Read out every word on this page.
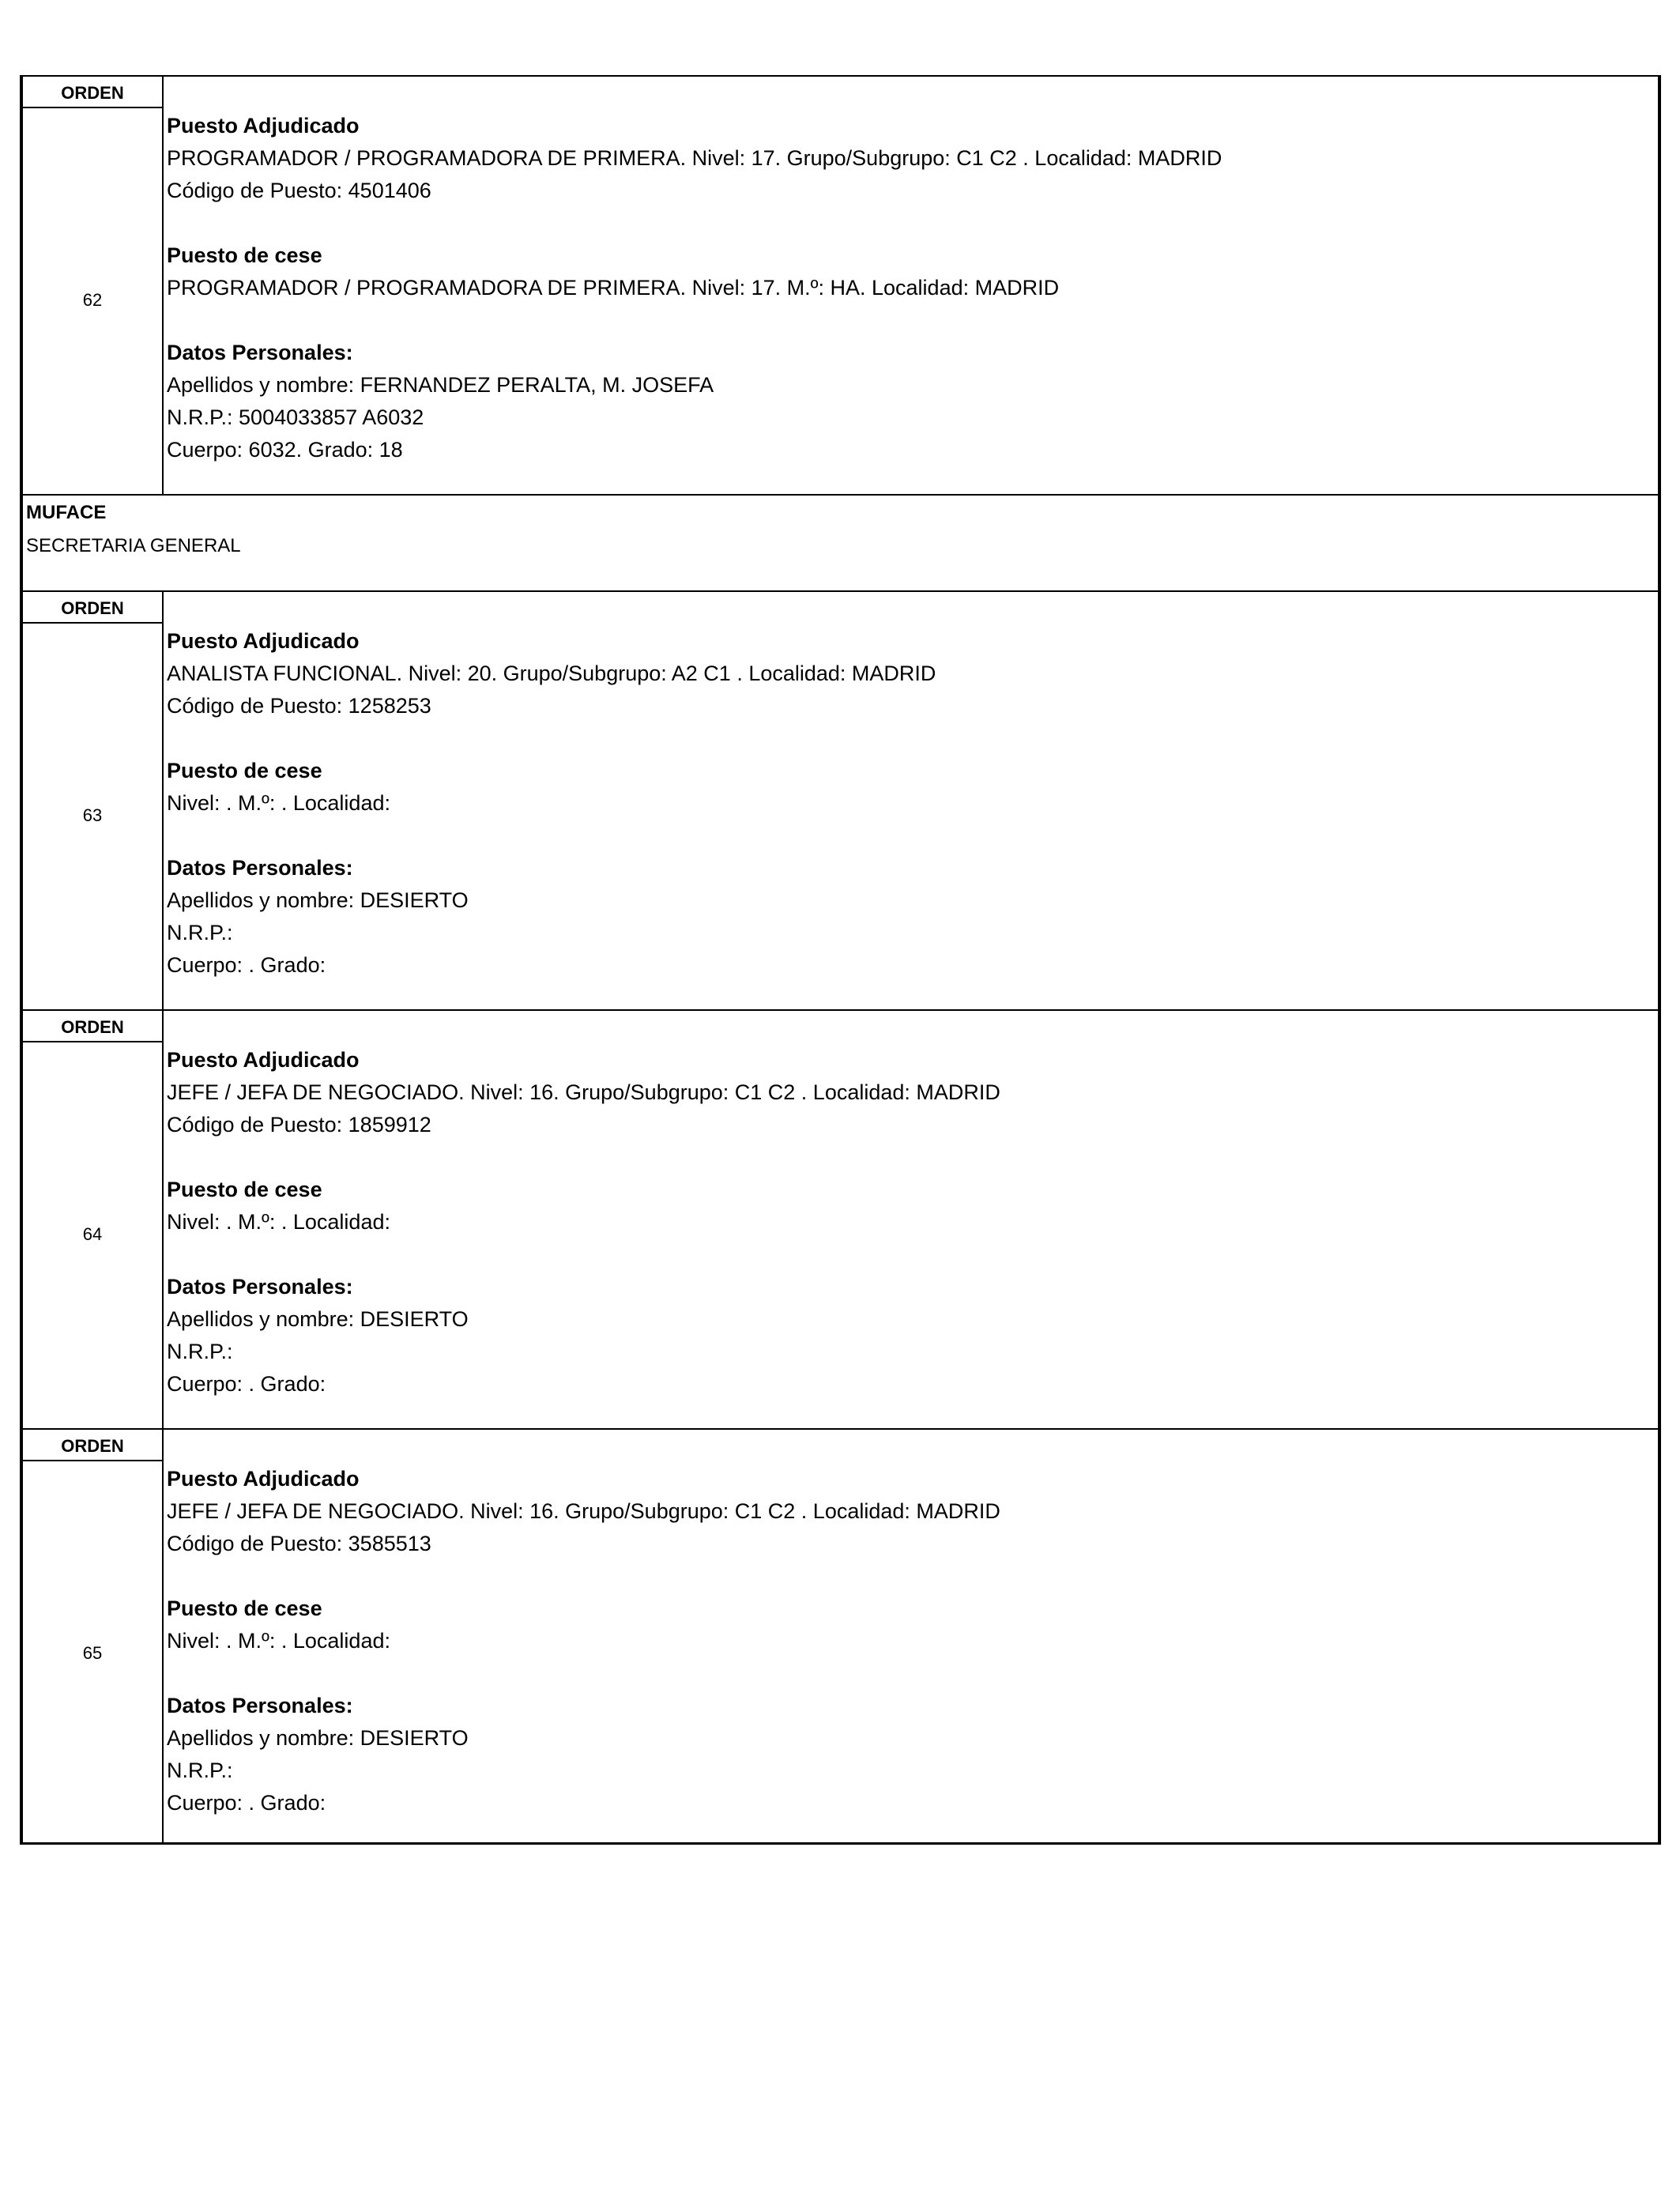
ORDEN
62
Puesto Adjudicado
PROGRAMADOR / PROGRAMADORA DE PRIMERA. Nivel: 17. Grupo/Subgrupo: C1 C2 . Localidad: MADRID
Código de Puesto: 4501406
Puesto de cese
PROGRAMADOR / PROGRAMADORA DE PRIMERA. Nivel: 17. M.º: HA. Localidad: MADRID
Datos Personales:
Apellidos y nombre: FERNANDEZ PERALTA, M. JOSEFA
N.R.P.: 5004033857 A6032
Cuerpo: 6032. Grado: 18
MUFACE
SECRETARIA GENERAL
ORDEN
63
Puesto Adjudicado
ANALISTA FUNCIONAL. Nivel: 20. Grupo/Subgrupo: A2 C1 . Localidad: MADRID
Código de Puesto: 1258253
Puesto de cese
Nivel: . M.º: . Localidad:
Datos Personales:
Apellidos y nombre: DESIERTO
N.R.P.:
Cuerpo: . Grado:
ORDEN
64
Puesto Adjudicado
JEFE / JEFA DE NEGOCIADO. Nivel: 16. Grupo/Subgrupo: C1 C2 . Localidad: MADRID
Código de Puesto: 1859912
Puesto de cese
Nivel: . M.º: . Localidad:
Datos Personales:
Apellidos y nombre: DESIERTO
N.R.P.:
Cuerpo: . Grado:
ORDEN
65
Puesto Adjudicado
JEFE / JEFA DE NEGOCIADO. Nivel: 16. Grupo/Subgrupo: C1 C2 . Localidad: MADRID
Código de Puesto: 3585513
Puesto de cese
Nivel: . M.º: . Localidad:
Datos Personales:
Apellidos y nombre: DESIERTO
N.R.P.:
Cuerpo: . Grado:
